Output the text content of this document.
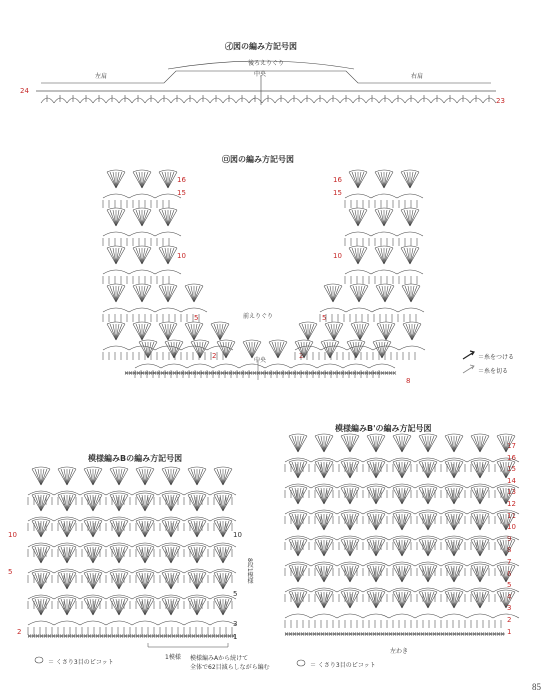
㋑図の編み方記号図
後ろえりぐり
中央
左肩	右肩
24
23
㋺図の編み方記号図
前えりぐり
中央
16
15
10
5
2
16
15
10
5
2
8
＝糸をつける
＝糸を切る
模様編みBの編み方記号図
10
5
2
10
5
3
1
8段1模様
1模様 模様編みAから続けて
全体で62目減らしながら編む
＝ くさり3目のピコット
模様編みB'の編み方記号図
17
16
15
14
13
12
11
10
9
8
7
6
5
4
3
2
1
左わき
＝ くさり3目のピコット
85
